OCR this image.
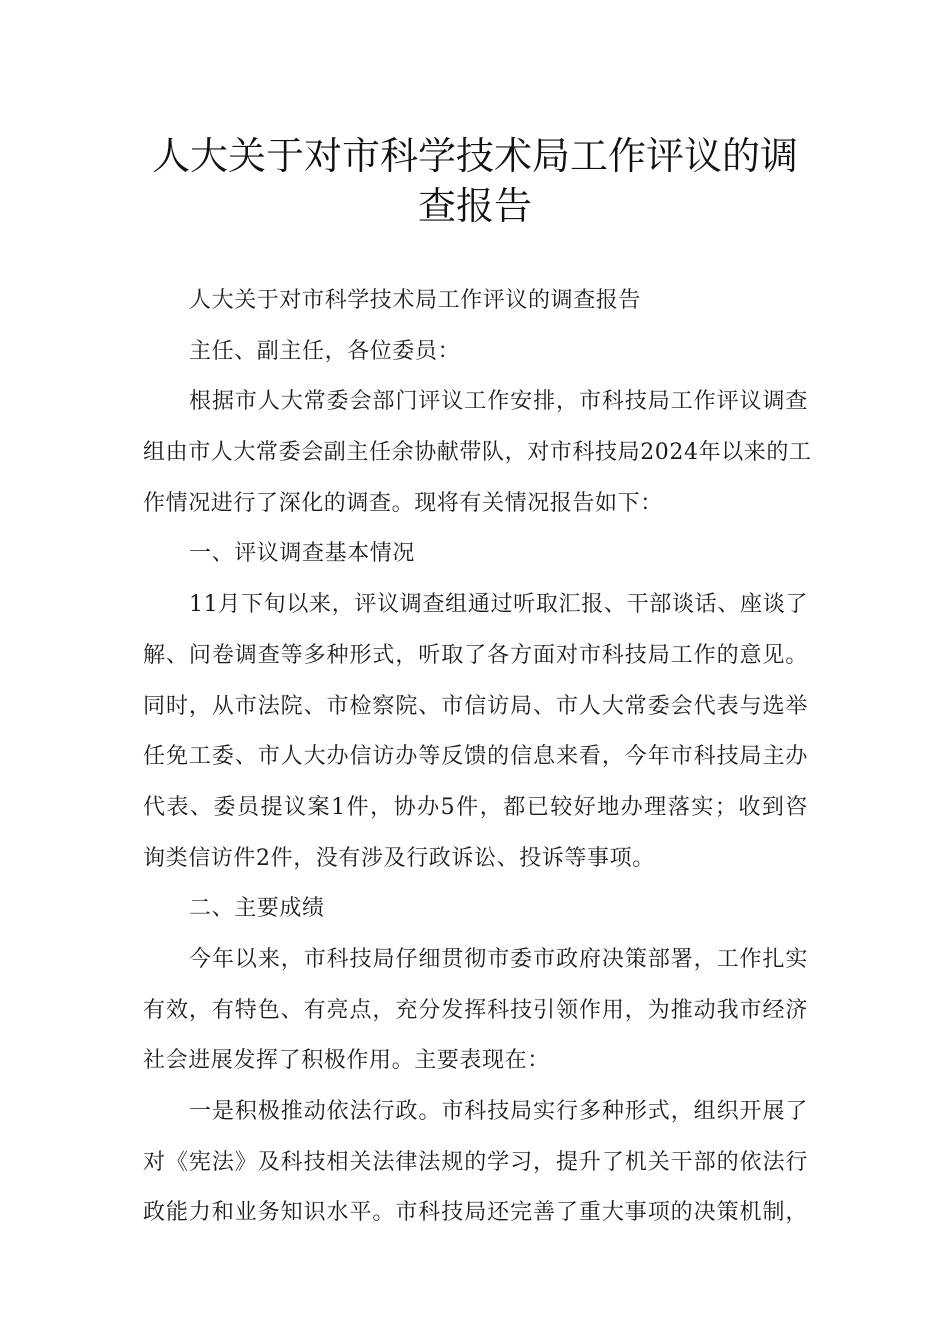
人大关于对市科学技术局工作评议的调
查报告
人大关于对市科学技术局工作评议的调查报告
主任、副主任，各位委员：
根据市人大常委会部门评议工作安排，市科技局工作评议调查
组由市人大常委会副主任余协献带队，对市科技局2024年以来的工
作情况进行了深化的调查。现将有关情况报告如下：
一、评议调查基本情况
11月下旬以来，评议调查组通过听取汇报、干部谈话、座谈了
解、问卷调查等多种形式，听取了各方面对市科技局工作的意见。
同时，从市法院、市检察院、市信访局、市人大常委会代表与选举
任免工委、市人大办信访办等反馈的信息来看，今年市科技局主办
代表、委员提议案1件，协办5件，都已较好地办理落实；收到咨
询类信访件2件，没有涉及行政诉讼、投诉等事项。
二、主要成绩
今年以来，市科技局仔细贯彻市委市政府决策部署，工作扎实
有效，有特色、有亮点，充分发挥科技引领作用，为推动我市经济
社会进展发挥了积极作用。主要表现在：
一是积极推动依法行政。市科技局实行多种形式，组织开展了
对《宪法》及科技相关法律法规的学习，提升了机关干部的依法行
政能力和业务知识水平。市科技局还完善了重大事项的决策机制，
